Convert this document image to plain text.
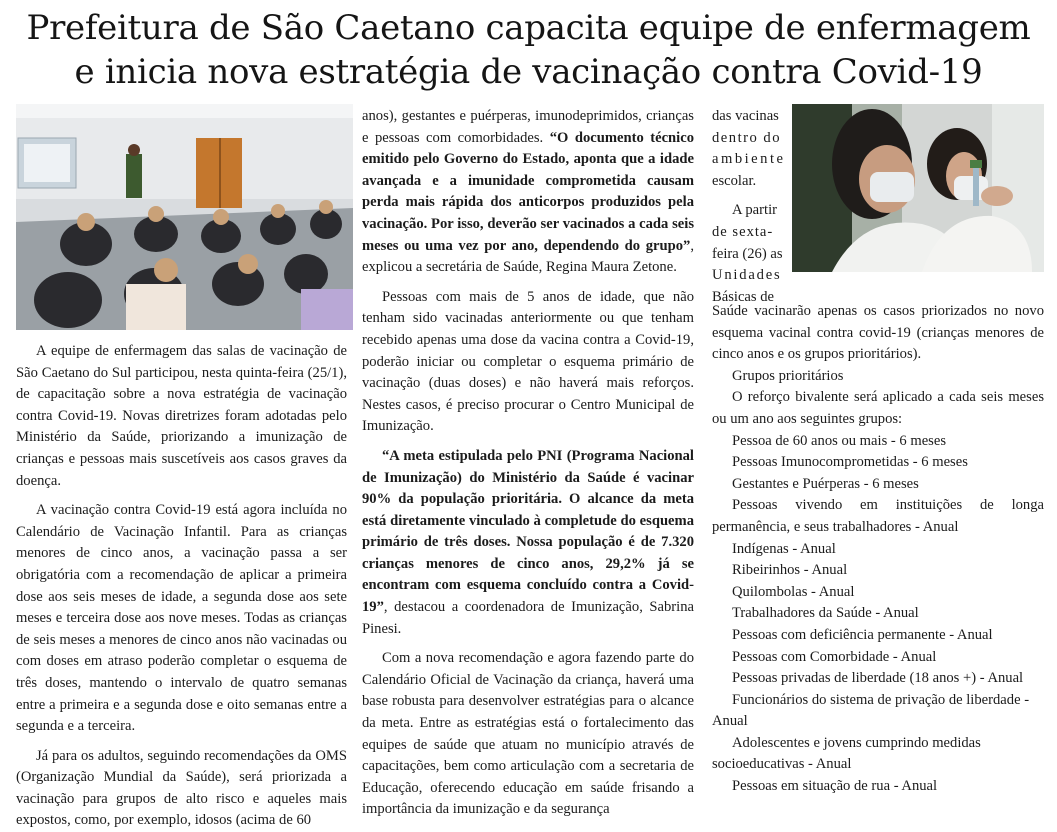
Prefeitura de São Caetano capacita equipe de enfermagem
e inicia nova estratégia de vacinação contra Covid-19

A equipe de enfermagem das salas de vacinação de São Caetano do Sul participou, nesta quinta-feira (25/1), de capacitação sobre a nova estratégia de vacinação contra Covid-19. Novas diretrizes foram adotadas pelo Ministério da Saúde, priorizando a imunização de crianças e pessoas mais suscetíveis aos casos graves da doença.

A vacinação contra Covid-19 está agora incluída no Calendário de Vacinação Infantil. Para as crianças menores de cinco anos, a vacinação passa a ser obrigatória com a recomendação de aplicar a primeira dose aos seis meses de idade, a segunda dose aos sete meses e terceira dose aos nove meses. Todas as crianças de seis meses a menores de cinco anos não vacinadas ou com doses em atraso poderão completar o esquema de três doses, mantendo o intervalo de quatro semanas entre a primeira e a segunda dose e oito semanas entre a segunda e a terceira.

Já para os adultos, seguindo recomendações da OMS (Organização Mundial da Saúde), será priorizada a vacinação para grupos de alto risco e aqueles mais expostos, como, por exemplo, idosos (acima de 60

anos), gestantes e puérperas, imunodeprimidos, crianças e pessoas com comorbidades. “O documento técnico emitido pelo Governo do Estado, aponta que a idade avançada e a imunidade comprometida causam perda mais rápida dos anticorpos produzidos pela vacinação. Por isso, deverão ser vacinados a cada seis meses ou uma vez por ano, dependendo do grupo”, explicou a secretária de Saúde, Regina Maura Zetone.

Pessoas com mais de 5 anos de idade, que não tenham sido vacinadas anteriormente ou que tenham recebido apenas uma dose da vacina contra a Covid-19, poderão iniciar ou completar o esquema primário de vacinação (duas doses) e não haverá mais reforços. Nestes casos, é preciso procurar o Centro Municipal de Imunização.

“A meta estipulada pelo PNI (Programa Nacional de Imunização) do Ministério da Saúde é vacinar 90% da população prioritária. O alcance da meta está diretamente vinculado à completude do esquema primário de três doses. Nossa população é de 7.320 crianças menores de cinco anos, 29,2% já se encontram com esquema concluído contra a Covid-19”, destacou a coordenadora de Imunização, Sabrina Pinesi.

Com a nova recomendação e agora fazendo parte do Calendário Oficial de Vacinação da criança, haverá uma base robusta para desenvolver estratégias para o alcance da meta. Entre as estratégias está o fortalecimento das equipes de saúde que atuam no município através de capacitações, bem como articulação com a secretaria de Educação, oferecendo educação em saúde frisando a importância da imunização e da segurança

das vacinas
dentro do
ambiente
escolar.
A partir
de sexta-
feira (26) as
Unidades
Básicas de

Saúde vacinarão apenas os casos priorizados no novo esquema vacinal contra covid-19 (crianças menores de cinco anos e os grupos prioritários).

Grupos prioritários

O reforço bivalente será aplicado a cada seis meses ou um ano aos seguintes grupos:

Pessoa de 60 anos ou mais - 6 meses

Pessoas Imunocomprometidas - 6 meses

Gestantes e Puérperas - 6 meses

Pessoas vivendo em instituições de longa permanência, e seus trabalhadores - Anual

Indígenas - Anual

Ribeirinhos - Anual

Quilombolas - Anual

Trabalhadores da Saúde - Anual

Pessoas com deficiência permanente - Anual

Pessoas com Comorbidade - Anual

Pessoas privadas de liberdade (18 anos +) - Anual

Funcionários do sistema de privação de liberdade - Anual

Adolescentes e jovens cumprindo medidas socioeducativas - Anual

Pessoas em situação de rua - Anual
